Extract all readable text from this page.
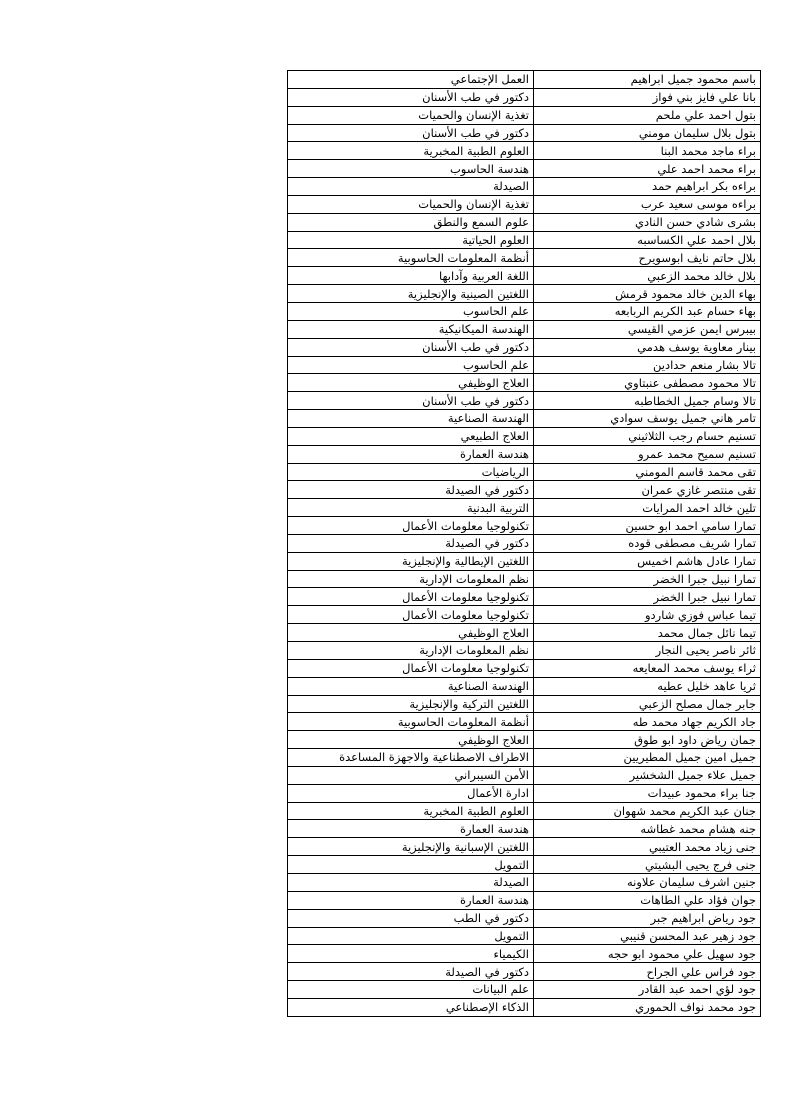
باسم محمود جميل ابراهيم	العمل الإجتماعي
بانا علي فايز بني فواز	دكتور في طب الأسنان
بتول احمد علي ملحم	تغذية الإنسان والحميات
بتول بلال سليمان مومني	دكتور في طب الأسنان
براء ماجد محمد البنا	العلوم الطبية المخبرية
براء محمد احمد علي	هندسة الحاسوب
براءه بكر ابراهيم حمد	الصيدلة
براءه موسى سعيد عرب	تغذية الإنسان والحميات
بشرى شادي حسن النادي	علوم السمع والنطق
بلال احمد علي الكساسبه	العلوم الحياتية
بلال حاتم نايف ابوسويرح	أنظمة المعلومات الحاسوبية
بلال خالد محمد الزعبي	اللغة العربية وآدابها
بهاء الدين خالد محمود قرمش	اللغتين الصينية والإنجليزية
بهاء حسام عبد الكريم الربابعه	علم الحاسوب
بيبرس ايمن عزمي القيسي	الهندسة الميكانيكية
بينار معاوية يوسف هدمي	دكتور في طب الأسنان
تالا بشار منعم حدادين	علم الحاسوب
تالا محمود مصطفى عنبتاوي	العلاج الوظيفي
تالا وسام جميل الخطاطبه	دكتور في طب الأسنان
تامر هاني جميل يوسف سوادي	الهندسة الصناعية
تسنيم حسام رجب الثلاثيني	العلاج الطبيعي
تسنيم سميح محمد عمرو	هندسة العمارة
تقى محمد قاسم المومني	الرياضيات
تقى منتصر غازي عمران	دكتور في الصيدلة
تلين خالد احمد المرايات	التربية البدنية
تمارا سامي احمد ابو حسين	تكنولوجيا معلومات الأعمال
تمارا شريف مصطفى قوده	دكتور في الصيدلة
تمارا عادل هاشم اخميس	اللغتين الإيطالية والإنجليزية
تمارا نبيل جبرا الخضر	نظم المعلومات الإدارية
تمارا نبيل جبرا الخضر	تكنولوجيا معلومات الأعمال
تيما عباس فوزي شاردو	تكنولوجيا معلومات الأعمال
تيما نائل جمال محمد	العلاج الوظيفي
ثائر ناصر يحيى النجار	نظم المعلومات الإدارية
ثراء يوسف محمد المعايعه	تكنولوجيا معلومات الأعمال
ثريا عاهد خليل عطيه	الهندسة الصناعية
جابر جمال مصلح الزعبي	اللغتين التركية والإنجليزية
جاد الكريم جهاد محمد طه	أنظمة المعلومات الحاسوبية
جمان رياض داود ابو طوق	العلاج الوظيفي
جميل امين جميل المطيريين	الاطراف الاصطناعية والاجهزة المساعدة
جميل علاء جميل الشخشير	الأمن السيبراني
جنا براء محمود عبيدات	ادارة الأعمال
جنان عبد الكريم محمد شهوان	العلوم الطبية المخبرية
جنه هشام محمد غطاشه	هندسة العمارة
جنى زياد محمد العتيبي	اللغتين الإسبانية والإنجليزية
جنى فرج يحيى البشيتي	التمويل
جنين اشرف سليمان علاونه	الصيدلة
جوان فؤاد علي الطاهات	هندسة العمارة
جود رياض ابراهيم جبر	دكتور في الطب
جود زهير عبد المحسن قنيبي	التمويل
جود سهيل علي محمود ابو حجه	الكيمياء
جود فراس علي الجراح	دكتور في الصيدلة
جود لؤي احمد عبد القادر	علم البيانات
جود محمد نواف الحموري	الذكاء الإصطناعي
